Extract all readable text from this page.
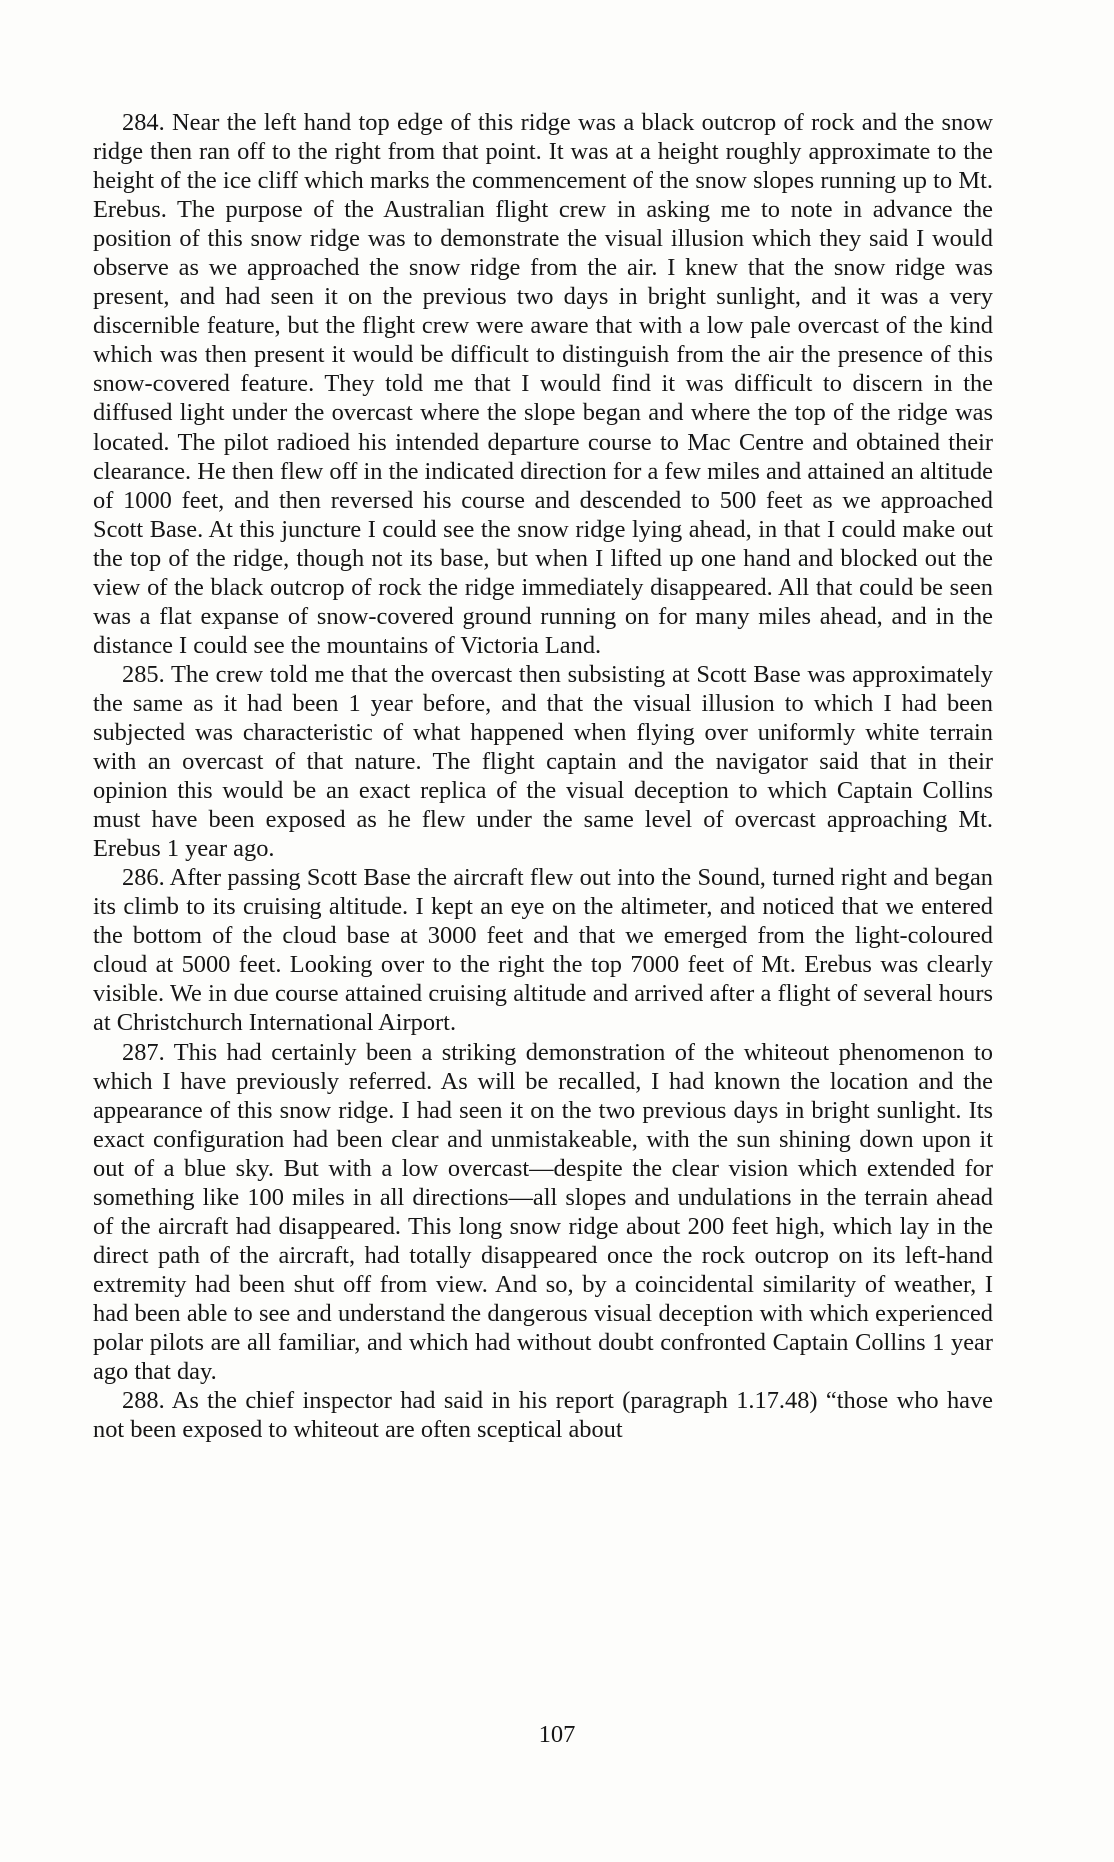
284. Near the left hand top edge of this ridge was a black outcrop of rock and the snow ridge then ran off to the right from that point. It was at a height roughly approximate to the height of the ice cliff which marks the commencement of the snow slopes running up to Mt. Erebus. The purpose of the Australian flight crew in asking me to note in advance the position of this snow ridge was to demonstrate the visual illusion which they said I would observe as we approached the snow ridge from the air. I knew that the snow ridge was present, and had seen it on the previous two days in bright sunlight, and it was a very discernible feature, but the flight crew were aware that with a low pale overcast of the kind which was then present it would be difficult to distinguish from the air the presence of this snow-covered feature. They told me that I would find it was difficult to discern in the diffused light under the overcast where the slope began and where the top of the ridge was located. The pilot radioed his intended departure course to Mac Centre and obtained their clearance. He then flew off in the indicated direction for a few miles and attained an altitude of 1000 feet, and then reversed his course and descended to 500 feet as we approached Scott Base. At this juncture I could see the snow ridge lying ahead, in that I could make out the top of the ridge, though not its base, but when I lifted up one hand and blocked out the view of the black outcrop of rock the ridge immediately disappeared. All that could be seen was a flat expanse of snow-covered ground running on for many miles ahead, and in the distance I could see the mountains of Victoria Land.

285. The crew told me that the overcast then subsisting at Scott Base was approximately the same as it had been 1 year before, and that the visual illusion to which I had been subjected was characteristic of what happened when flying over uniformly white terrain with an overcast of that nature. The flight captain and the navigator said that in their opinion this would be an exact replica of the visual deception to which Captain Collins must have been exposed as he flew under the same level of overcast approaching Mt. Erebus 1 year ago.

286. After passing Scott Base the aircraft flew out into the Sound, turned right and began its climb to its cruising altitude. I kept an eye on the altimeter, and noticed that we entered the bottom of the cloud base at 3000 feet and that we emerged from the light-coloured cloud at 5000 feet. Looking over to the right the top 7000 feet of Mt. Erebus was clearly visible. We in due course attained cruising altitude and arrived after a flight of several hours at Christchurch International Airport.

287. This had certainly been a striking demonstration of the whiteout phenomenon to which I have previously referred. As will be recalled, I had known the location and the appearance of this snow ridge. I had seen it on the two previous days in bright sunlight. Its exact configuration had been clear and unmistakeable, with the sun shining down upon it out of a blue sky. But with a low overcast—despite the clear vision which extended for something like 100 miles in all directions—all slopes and undulations in the terrain ahead of the aircraft had disappeared. This long snow ridge about 200 feet high, which lay in the direct path of the aircraft, had totally disappeared once the rock outcrop on its left-hand extremity had been shut off from view. And so, by a coincidental similarity of weather, I had been able to see and understand the dangerous visual deception with which experienced polar pilots are all familiar, and which had without doubt confronted Captain Collins 1 year ago that day.

288. As the chief inspector had said in his report (paragraph 1.17.48) “those who have not been exposed to whiteout are often sceptical about

107
